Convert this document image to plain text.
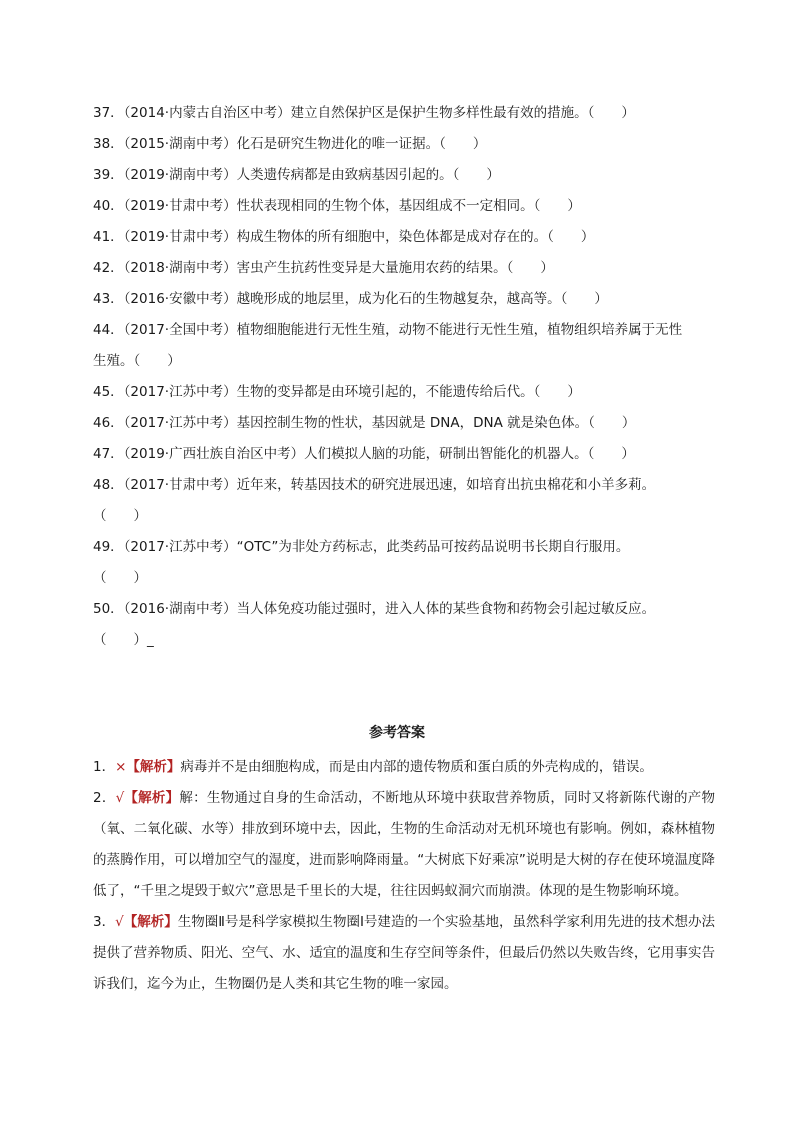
37．（2014·内蒙古自治区中考）建立自然保护区是保护生物多样性最有效的措施。（　　）
38．（2015·湖南中考）化石是研究生物进化的唯一证据。（　　）
39．（2019·湖南中考）人类遗传病都是由致病基因引起的。（　　）
40．（2019·甘肃中考）性状表现相同的生物个体，基因组成不一定相同。（　　）
41．（2019·甘肃中考）构成生物体的所有细胞中，染色体都是成对存在的。（　　）
42．（2018·湖南中考）害虫产生抗药性变异是大量施用农药的结果。（　　）
43．（2016·安徽中考）越晚形成的地层里，成为化石的生物越复杂，越高等。（　　）
44．（2017·全国中考）植物细胞能进行无性生殖，动物不能进行无性生殖，植物组织培养属于无性
生殖。（　　）
45．（2017·江苏中考）生物的变异都是由环境引起的，不能遗传给后代。（　　）
46．（2017·江苏中考）基因控制生物的性状，基因就是 DNA，DNA 就是染色体。（　　）
47．（2019·广西壮族自治区中考）人们模拟人脑的功能，研制出智能化的机器人。（　　）
48．（2017·甘肃中考）近年来，转基因技术的研究进展迅速，如培育出抗虫棉花和小羊多莉。
（　　）
49．（2017·江苏中考）“OTC”为非处方药标志，此类药品可按药品说明书长期自行服用。
（　　）
50．（2016·湖南中考）当人体免疫功能过强时，进入人体的某些食物和药物会引起过敏反应。
（　　）_
参考答案
1．×【解析】病毒并不是由细胞构成，而是由内部的遗传物质和蛋白质的外壳构成的，错误。
2．√【解析】解：生物通过自身的生命活动，不断地从环境中获取营养物质，同时又将新陈代谢的产物（氧、二氧化碳、水等）排放到环境中去，因此，生物的生命活动对无机环境也有影响。例如，森林植物的蒸腾作用，可以增加空气的湿度，进而影响降雨量。“大树底下好乘凉”说明是大树的存在使环境温度降低了，“千里之堤毁于蚁穴”意思是千里长的大堤，往往因蚂蚁洞穴而崩溃。体现的是生物影响环境。
3．√【解析】生物圈Ⅱ号是科学家模拟生物圈Ⅰ号建造的一个实验基地，虽然科学家利用先进的技术想办法提供了营养物质、阳光、空气、水、适宜的温度和生存空间等条件，但最后仍然以失败告终，它用事实告诉我们，迄今为止，生物圈仍是人类和其它生物的唯一家园。
